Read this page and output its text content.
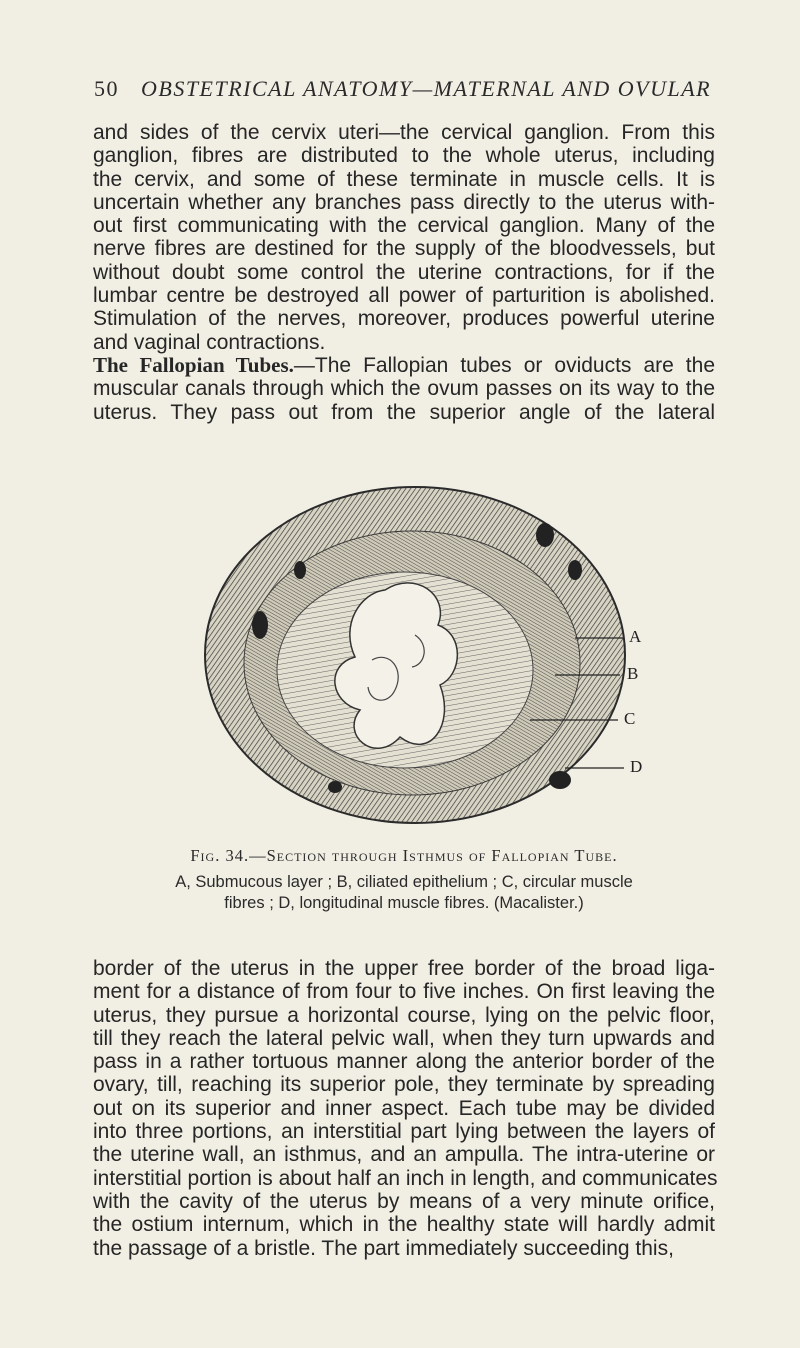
50 OBSTETRICAL ANATOMY—MATERNAL AND OVULAR

and sides of the cervix uteri—the cervical ganglion. From this
ganglion, fibres are distributed to the whole uterus, including
the cervix, and some of these terminate in muscle cells. It is
uncertain whether any branches pass directly to the uterus with-
out first communicating with the cervical ganglion. Many of the
nerve fibres are destined for the supply of the bloodvessels, but
without doubt some control the uterine contractions, for if the
lumbar centre be destroyed all power of parturition is abolished.
Stimulation of the nerves, moreover, produces powerful uterine
and vaginal contractions.

The Fallopian Tubes.—The Fallopian tubes or oviducts are the
muscular canals through which the ovum passes on its way to the
uterus. They pass out from the superior angle of the lateral

A
B
C
D
Fig. 34.—Section through Isthmus of Fallopian Tube.
A, Submucous layer ; B, ciliated epithelium ; C, circular muscle
fibres ; D, longitudinal muscle fibres. (Macalister.)

border of the uterus in the upper free border of the broad liga-
ment for a distance of from four to five inches. On first leaving the
uterus, they pursue a horizontal course, lying on the pelvic floor,
till they reach the lateral pelvic wall, when they turn upwards and
pass in a rather tortuous manner along the anterior border of the
ovary, till, reaching its superior pole, they terminate by spreading
out on its superior and inner aspect. Each tube may be divided
into three portions, an interstitial part lying between the layers of
the uterine wall, an isthmus, and an ampulla. The intra-uterine or
interstitial portion is about half an inch in length, and communicates
with the cavity of the uterus by means of a very minute orifice,
the ostium internum, which in the healthy state will hardly admit
the passage of a bristle. The part immediately succeeding this,
